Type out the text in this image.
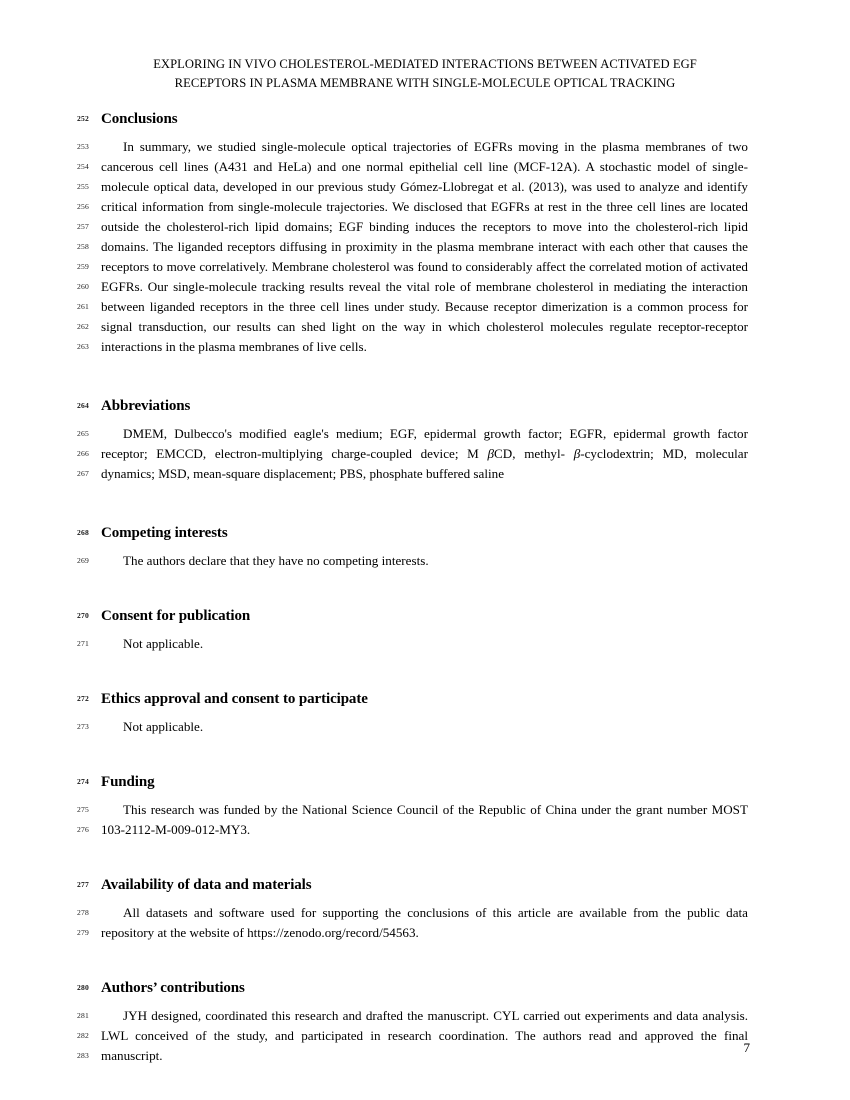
EXPLORING IN VIVO CHOLESTEROL-MEDIATED INTERACTIONS BETWEEN ACTIVATED EGF
RECEPTORS IN PLASMA MEMBRANE WITH SINGLE-MOLECULE OPTICAL TRACKING
252 Conclusions

253
254
255
256
257
258
259
260
261
262
263
In summary, we studied single-molecule optical trajectories of EGFRs moving in the plasma membranes of two cancerous cell lines (A431 and HeLa) and one normal epithelial cell line (MCF-12A). A stochastic model of single-molecule optical data, developed in our previous study Gómez-Llobregat et al. (2013), was used to analyze and identify critical information from single-molecule trajectories. We disclosed that EGFRs at rest in the three cell lines are located outside the cholesterol-rich lipid domains; EGF binding induces the receptors to move into the cholesterol-rich lipid domains. The liganded receptors diffusing in proximity in the plasma membrane interact with each other that causes the receptors to move correlatively. Membrane cholesterol was found to considerably affect the correlated motion of activated EGFRs. Our single-molecule tracking results reveal the vital role of membrane cholesterol in mediating the interaction between liganded receptors in the three cell lines under study. Because receptor dimerization is a common process for signal transduction, our results can shed light on the way in which cholesterol molecules regulate receptor-receptor interactions in the plasma membranes of live cells.

264 Abbreviations

265
266
267
DMEM, Dulbecco's modified eagle's medium; EGF, epidermal growth factor; EGFR, epidermal growth factor receptor; EMCCD, electron-multiplying charge-coupled device; M βCD, methyl- β-cyclodextrin; MD, molecular dynamics; MSD, mean-square displacement; PBS, phosphate buffered saline

268 Competing interests

269	The authors declare that they have no competing interests.

270 Consent for publication

271	Not applicable.

272 Ethics approval and consent to participate

273	Not applicable.

274 Funding

275
276
This research was funded by the National Science Council of the Republic of China under the grant number MOST 103-2112-M-009-012-MY3.

277 Availability of data and materials

278
279
All datasets and software used for supporting the conclusions of this article are available from the public data repository at the website of https://zenodo.org/record/54563.

280 Authors’ contributions

281
282
283
JYH designed, coordinated this research and drafted the manuscript. CYL carried out experiments and data analysis. LWL conceived of the study, and participated in research coordination. The authors read and approved the final manuscript.

7
